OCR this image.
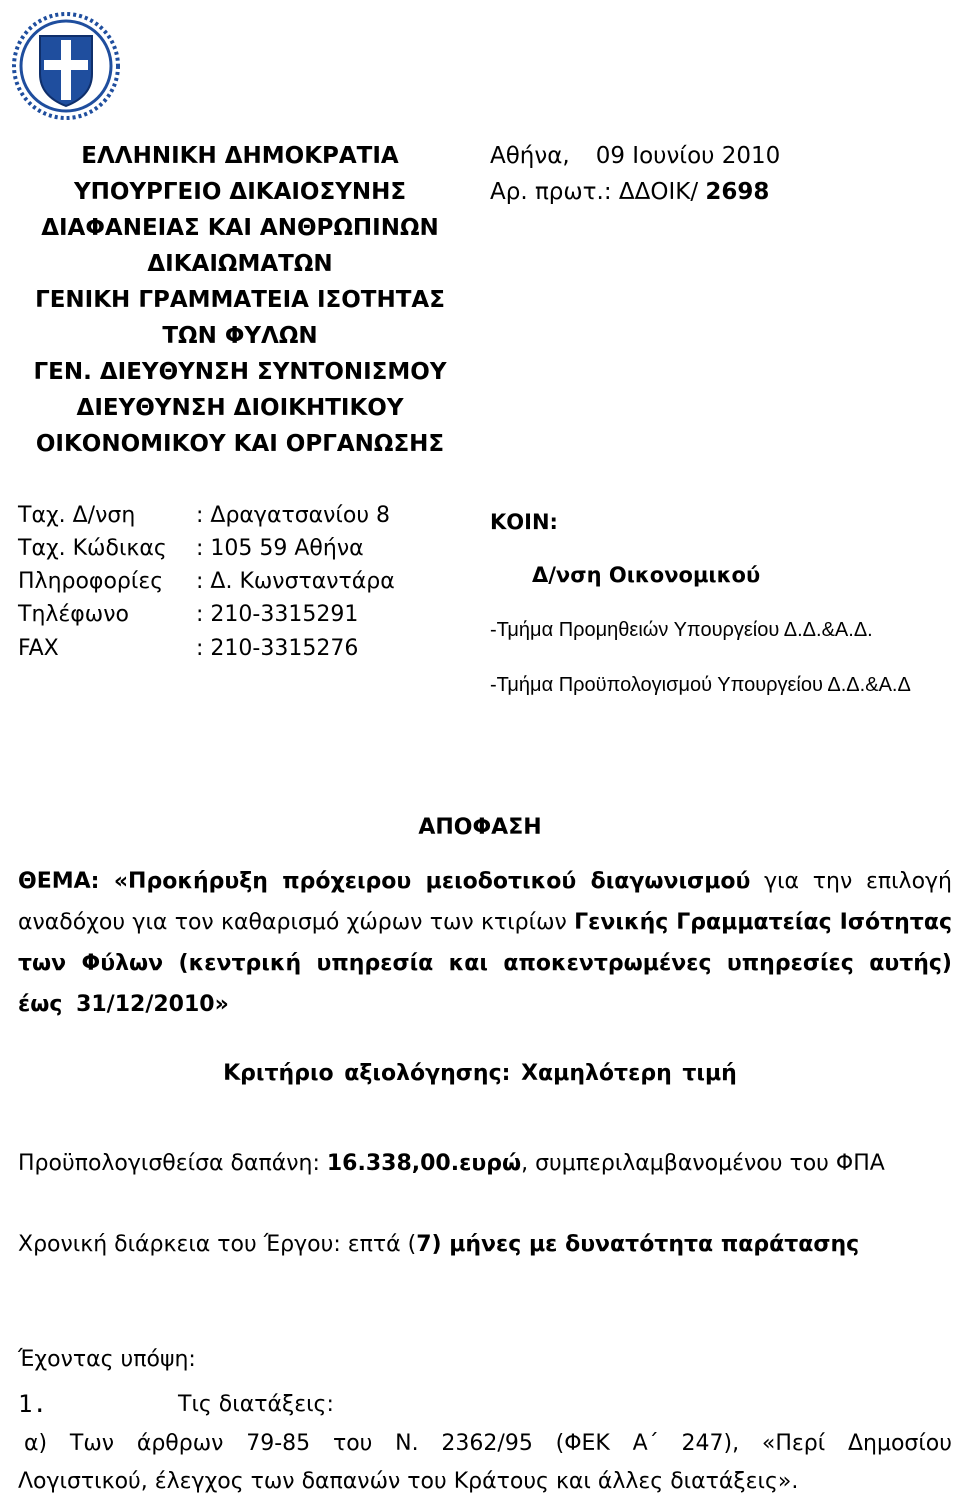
ΕΛΛΗΝΙΚΗ ΔΗΜΟΚΡΑΤΙΑ
ΥΠΟΥΡΓΕΙΟ ΔΙΚΑΙΟΣΥΝΗΣ
ΔΙΑΦΑΝΕΙΑΣ ΚΑΙ ΑΝΘΡΩΠΙΝΩΝ
ΔΙΚΑΙΩΜΑΤΩΝ
ΓΕΝΙΚΗ ΓΡΑΜΜΑΤΕΙΑ ΙΣΟΤΗΤΑΣ
ΤΩΝ ΦΥΛΩΝ
ΓΕΝ. ΔΙΕΥΘΥΝΣΗ ΣΥΝΤΟΝΙΣΜΟΥ
ΔΙΕΥΘΥΝΣΗ ΔΙΟΙΚΗΤΙΚΟΥ
ΟΙΚΟΝΟΜΙΚΟΥ ΚΑΙ ΟΡΓΑΝΩΣΗΣ
Αθήνα, 09 Ιουνίου 2010
Αρ. πρωτ.: ΔΔΟΙΚ/ 2698
Ταχ. Δ/νση	: Δραγατσανίου 8
Ταχ. Κώδικας : 105 59 Αθήνα
Πληροφορίες : Δ. Κωνσταντάρα
Τηλέφωνο	: 210-3315291
FAX	: 210-3315276
ΚΟΙΝ:
Δ/νση Οικονομικού
-Τμήμα Προμηθειών Υπουργείου Δ.Δ.&Α.Δ.
-Τμήμα Προϋπολογισμού Υπουργείου Δ.Δ.&Α.Δ
ΑΠΟΦΑΣΗ
ΘΕΜΑ: «Προκήρυξη πρόχειρου μειοδοτικού διαγωνισμού για την επιλογή
αναδόχου για τον καθαρισμό χώρων των κτιρίων Γενικής Γραμματείας Ισότητας
των Φύλων (κεντρική υπηρεσία και αποκεντρωμένες υπηρεσίες αυτής)
έως 31/12/2010»
Κριτήριο αξιολόγησης: Χαμηλότερη τιμή
Προϋπολογισθείσα δαπάνη: 16.338,00.ευρώ, συμπεριλαμβανομένου του ΦΠΑ
Χρονική διάρκεια του Έργου: επτά (7) μήνες με δυνατότητα παράτασης
Έχοντας υπόψη:
1.	Τις διατάξεις:
α) Των άρθρων 79-85 του Ν. 2362/95 (ΦΕΚ Α΄ 247), «Περί Δημοσίου
Λογιστικού, έλεγχος των δαπανών του Κράτους και άλλες διατάξεις».
